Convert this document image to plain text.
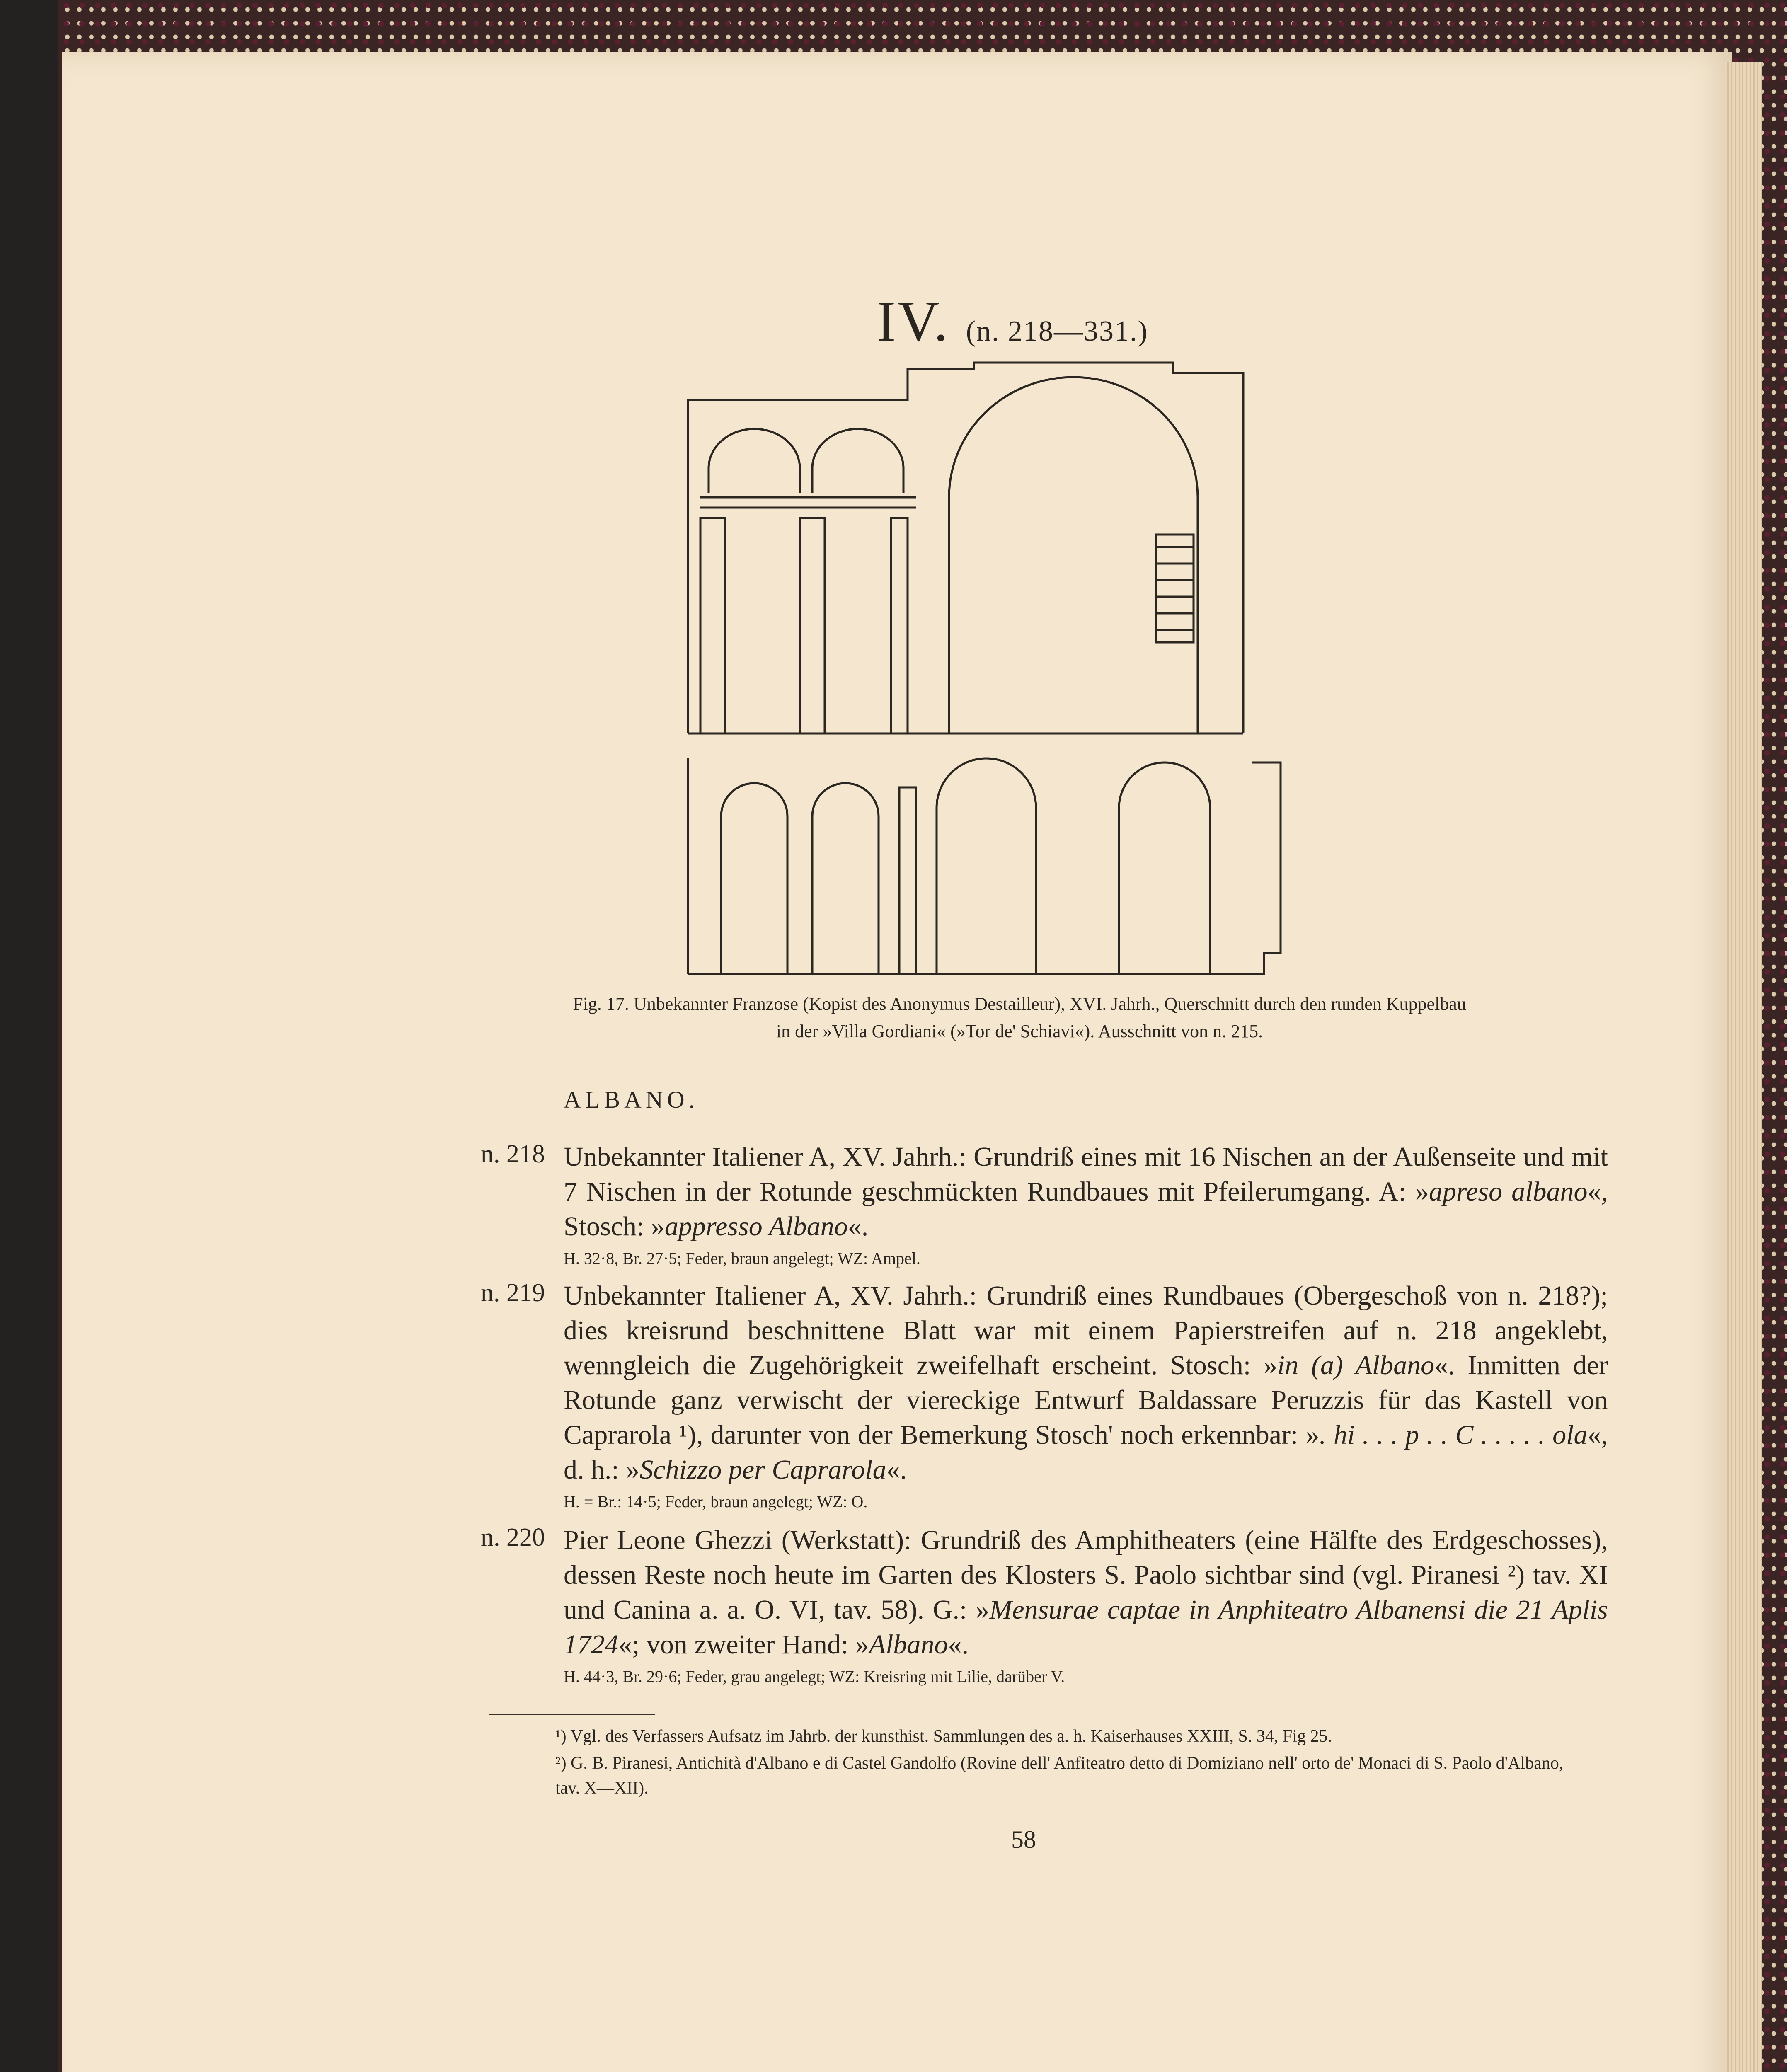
IV. (n. 218—331.)
Fig. 17. Unbekannter Franzose (Kopist des Anonymus Destailleur), XVI. Jahrh., Querschnitt durch den runden Kuppelbau
in der »Villa Gordiani« (»Tor de' Schiavi«). Ausschnitt von n. 215.
ALBANO.
n. 218 Unbekannter Italiener A, XV. Jahrh.: Grundriß eines mit 16 Nischen an der Außenseite und mit 7 Nischen in der Rotunde geschmückten Rundbaues mit Pfeilerumgang. A: »apreso albano«, Stosch: »appresso Albano«.
H. 32·8, Br. 27·5; Feder, braun angelegt; WZ: Ampel.
n. 219 Unbekannter Italiener A, XV. Jahrh.: Grundriß eines Rundbaues (Obergeschoß von n. 218?); dies kreisrund beschnittene Blatt war mit einem Papierstreifen auf n. 218 angeklebt, wenngleich die Zugehörigkeit zweifelhaft erscheint. Stosch: »in (a) Albano«. Inmitten der Rotunde ganz verwischt der viereckige Entwurf Baldassare Peruzzis für das Kastell von Caprarola ¹), darunter von der Bemerkung Stosch' noch erkennbar: ». hi . . . p . . C . . . . . ola«, d. h.: »Schizzo per Caprarola«.
H. = Br.: 14·5; Feder, braun angelegt; WZ: O.
n. 220 Pier Leone Ghezzi (Werkstatt): Grundriß des Amphitheaters (eine Hälfte des Erdgeschosses), dessen Reste noch heute im Garten des Klosters S. Paolo sichtbar sind (vgl. Piranesi ²) tav. XI und Canina a. a. O. VI, tav. 58). G.: »Mensurae captae in Anphiteatro Albanensi die 21 Aplis 1724«; von zweiter Hand: »Albano«.
H. 44·3, Br. 29·6; Feder, grau angelegt; WZ: Kreisring mit Lilie, darüber V.
¹) Vgl. des Verfassers Aufsatz im Jahrb. der kunsthist. Sammlungen des a. h. Kaiserhauses XXIII, S. 34, Fig 25.
²) G. B. Piranesi, Antichità d'Albano e di Castel Gandolfo (Rovine dell' Anfiteatro detto di Domiziano nell' orto de' Monaci di S. Paolo d'Albano, tav. X—XII).
58
